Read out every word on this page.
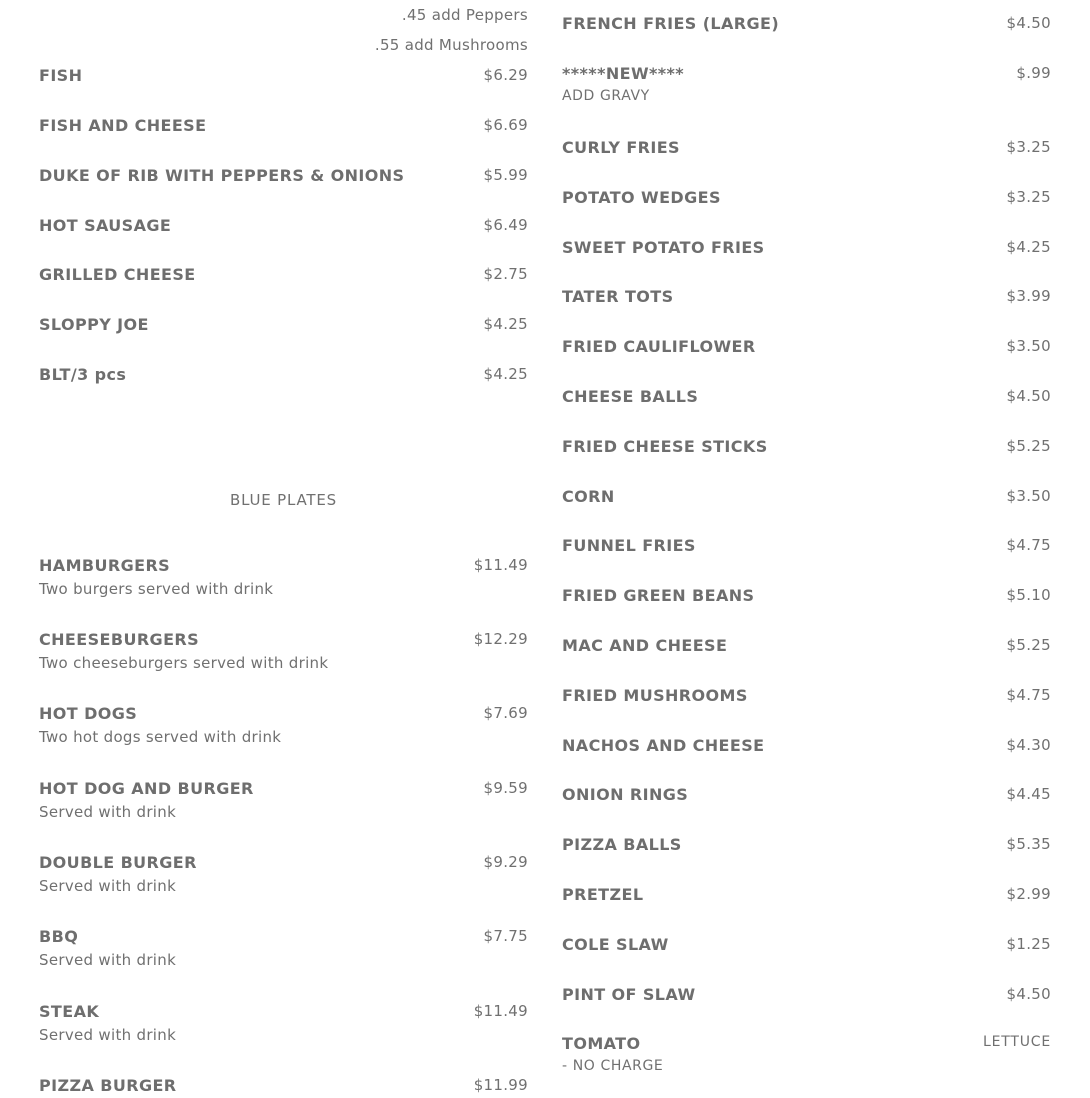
.45 add Peppers
.55 add Mushrooms
FISH	$6.29
FISH AND CHEESE	$6.69
DUKE OF RIB WITH PEPPERS & ONIONS	$5.99
HOT SAUSAGE	$6.49
GRILLED CHEESE	$2.75
SLOPPY JOE	$4.25
BLT/3 pcs	$4.25
BLUE PLATES
HAMBURGERS	$11.49
Two burgers served with drink
CHEESEBURGERS	$12.29
Two cheeseburgers served with drink
HOT DOGS	$7.69
Two hot dogs served with drink
HOT DOG AND BURGER	$9.59
Served with drink
DOUBLE BURGER	$9.29
Served with drink
BBQ	$7.75
Served with drink
STEAK	$11.49
Served with drink
PIZZA BURGER	$11.99
FRENCH FRIES (LARGE)	$4.50
*****NEW****	$.99
ADD GRAVY
CURLY FRIES	$3.25
POTATO WEDGES	$3.25
SWEET POTATO FRIES	$4.25
TATER TOTS	$3.99
FRIED CAULIFLOWER	$3.50
CHEESE BALLS	$4.50
FRIED CHEESE STICKS	$5.25
CORN	$3.50
FUNNEL FRIES	$4.75
FRIED GREEN BEANS	$5.10
MAC AND CHEESE	$5.25
FRIED MUSHROOMS	$4.75
NACHOS AND CHEESE	$4.30
ONION RINGS	$4.45
PIZZA BALLS	$5.35
PRETZEL	$2.99
COLE SLAW	$1.25
PINT OF SLAW	$4.50
TOMATO	LETTUCE
- NO CHARGE
